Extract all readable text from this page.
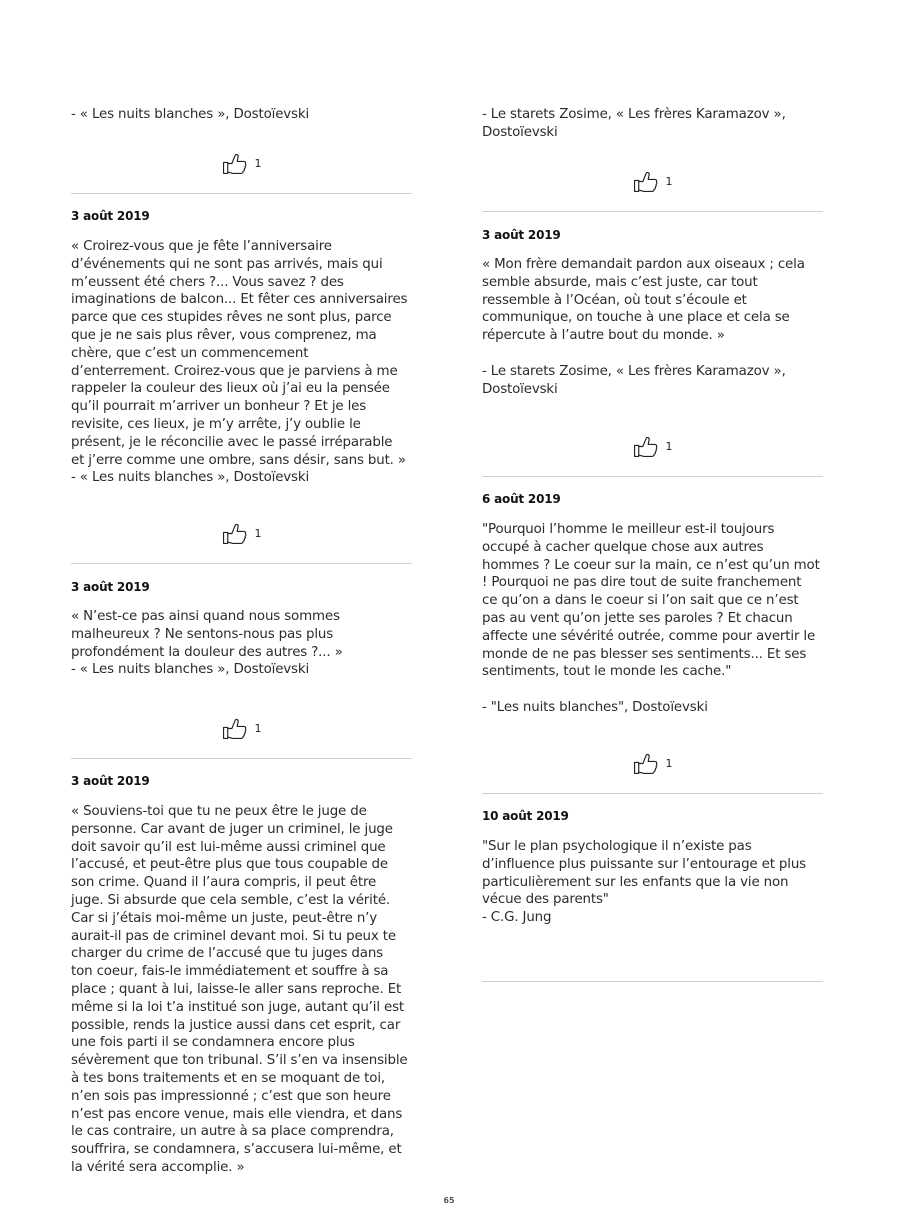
- « Les nuits blanches », Dostoïevski

1
3 août 2019

« Croirez-vous que je fête l’anniversaire
d’événements qui ne sont pas arrivés, mais qui
m’eussent été chers ?... Vous savez ? des
imaginations de balcon... Et fêter ces anniversaires
parce que ces stupides rêves ne sont plus, parce
que je ne sais plus rêver, vous comprenez, ma
chère, que c’est un commencement
d’enterrement. Croirez-vous que je parviens à me
rappeler la couleur des lieux où j’ai eu la pensée
qu’il pourrait m’arriver un bonheur ? Et je les
revisite, ces lieux, je m’y arrête, j’y oublie le
présent, je le réconcilie avec le passé irréparable
et j’erre comme une ombre, sans désir, sans but. »
- « Les nuits blanches », Dostoïevski

1
3 août 2019

« N’est-ce pas ainsi quand nous sommes
malheureux ? Ne sentons-nous pas plus
profondément la douleur des autres ?... »
- « Les nuits blanches », Dostoïevski

1
3 août 2019

« Souviens-toi que tu ne peux être le juge de
personne. Car avant de juger un criminel, le juge
doit savoir qu’il est lui-même aussi criminel que
l’accusé, et peut-être plus que tous coupable de
son crime. Quand il l’aura compris, il peut être
juge. Si absurde que cela semble, c’est la vérité.
Car si j’étais moi-même un juste, peut-être n’y
aurait-il pas de criminel devant moi. Si tu peux te
charger du crime de l’accusé que tu juges dans
ton coeur, fais-le immédiatement et souffre à sa
place ; quant à lui, laisse-le aller sans reproche. Et
même si la loi t’a institué son juge, autant qu’il est
possible, rends la justice aussi dans cet esprit, car
une fois parti il se condamnera encore plus
sévèrement que ton tribunal. S’il s’en va insensible
à tes bons traitements et en se moquant de toi,
n’en sois pas impressionné ; c’est que son heure
n’est pas encore venue, mais elle viendra, et dans
le cas contraire, un autre à sa place comprendra,
souffrira, se condamnera, s’accusera lui-même, et
la vérité sera accomplie. »

- Le starets Zosime, « Les frères Karamazov »,
Dostoïevski

1
3 août 2019

« Mon frère demandait pardon aux oiseaux ; cela
semble absurde, mais c’est juste, car tout
ressemble à l’Océan, où tout s’écoule et
communique, on touche à une place et cela se
répercute à l’autre bout du monde. »

- Le starets Zosime, « Les frères Karamazov »,
Dostoïevski

1
6 août 2019

"Pourquoi l’homme le meilleur est-il toujours
occupé à cacher quelque chose aux autres
hommes ? Le coeur sur la main, ce n’est qu’un mot
! Pourquoi ne pas dire tout de suite franchement
ce qu’on a dans le coeur si l’on sait que ce n’est
pas au vent qu’on jette ses paroles ? Et chacun
affecte une sévérité outrée, comme pour avertir le
monde de ne pas blesser ses sentiments... Et ses
sentiments, tout le monde les cache."

- "Les nuits blanches", Dostoïevski

1
10 août 2019

"Sur le plan psychologique il n’existe pas
d’influence plus puissante sur l’entourage et plus
particulièrement sur les enfants que la vie non
vécue des parents"
- C.G. Jung

65
